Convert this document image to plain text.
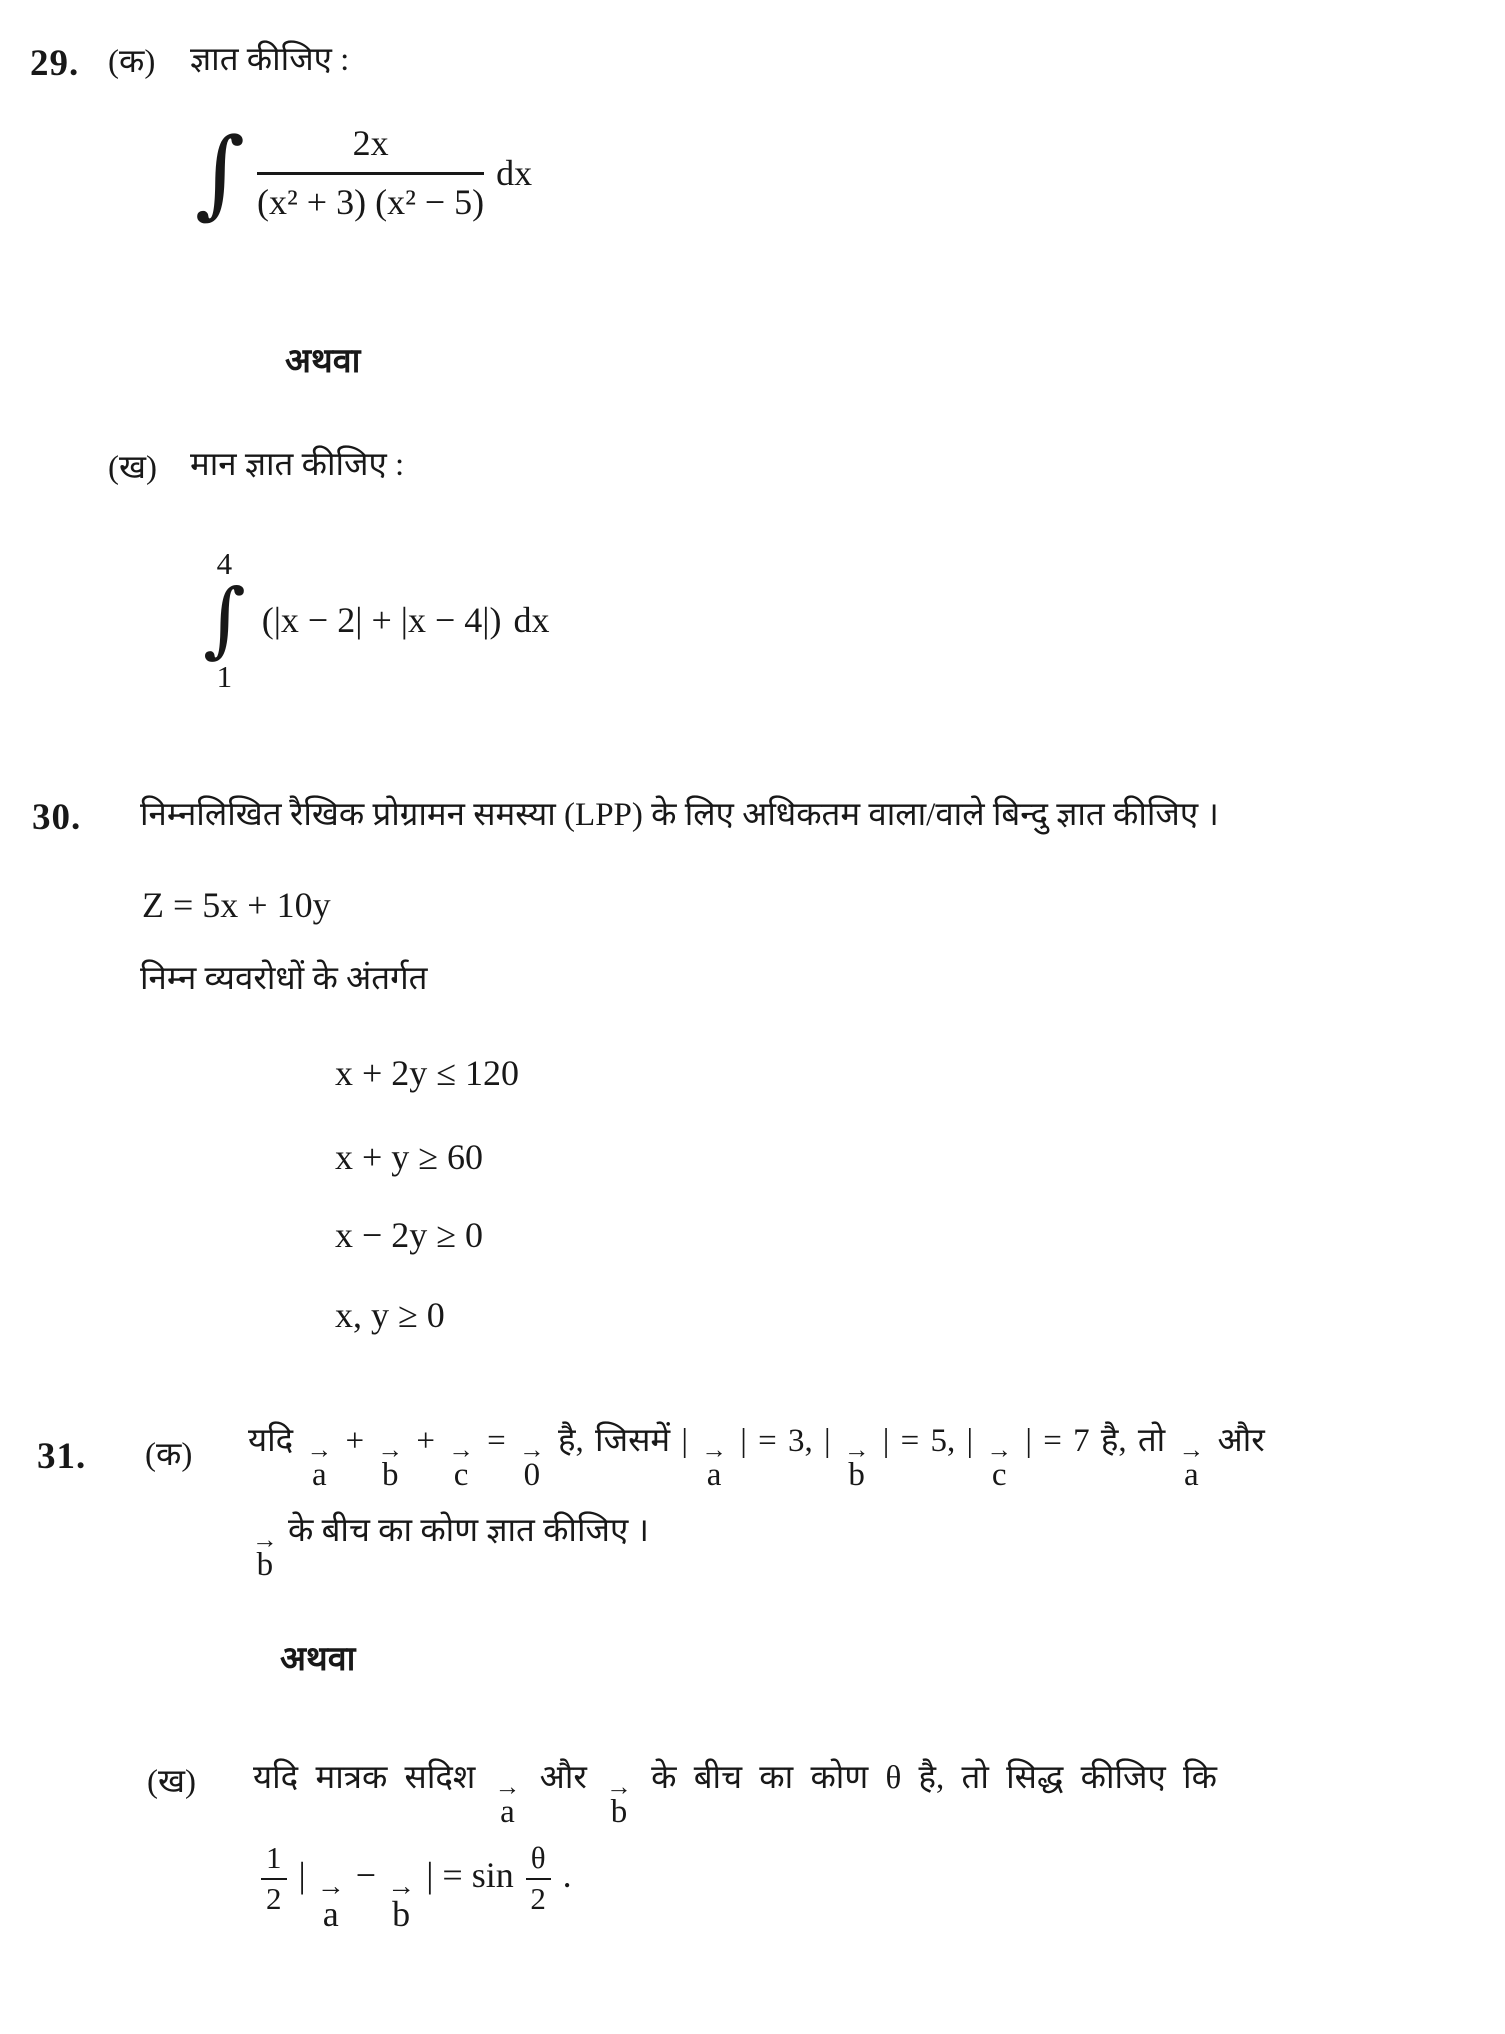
29. (क) ज्ञात कीजिए :
∫ $\frac{2x}{\text{(x² + 3) (x² − 5)}}$ dx
अथवा
(ख) मान ज्ञात कीजिए :
4
∫
1
(|x − 2| + |x − 4|) dx
30. निम्नलिखित रैखिक प्रोग्रामन समस्या (LPP) के लिए अधिकतम वाला/वाले बिन्दु ज्ञात कीजिए ।
Z = 5x + 10y
निम्न व्यवरोधों के अंतर्गत
x + 2y ≤ 120
x + y ≥ 60
x − 2y ≥ 0
x, y ≥ 0
31. (क) यदि →
a
+ →
b
+ →
c
= →
0
है, जिसमें | →
a
| = 3, | →
b
| = 5, | →
c
| = 7 है, तो →
a
और
→
b
के बीच का कोण ज्ञात कीजिए ।
अथवा
(ख) यदि मात्रक सदिश →
a
और →
b
के बीच का कोण θ है, तो सिद्ध कीजिए कि
$\frac{1}{2}$ | →
a
− →
b
| = $\sin \frac{\theta}{2}$ .
